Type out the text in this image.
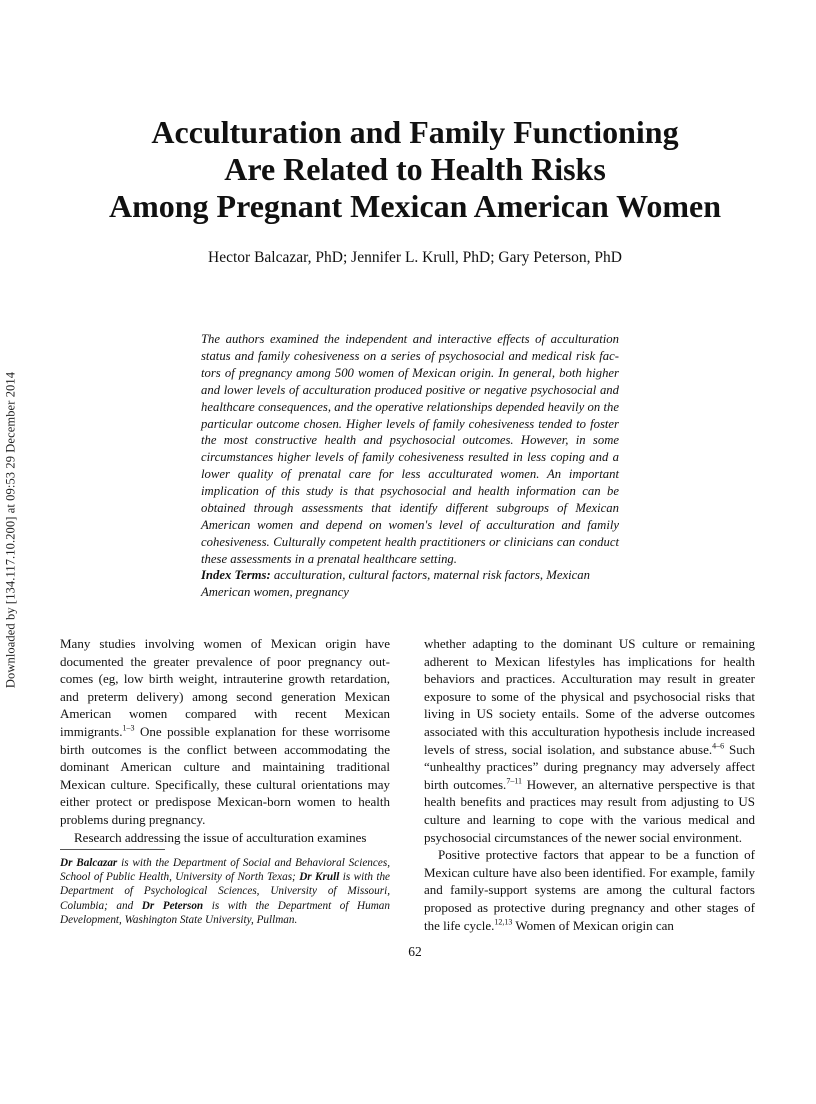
Downloaded by [134.117.10.200] at 09:53 29 December 2014
Acculturation and Family Functioning
Are Related to Health Risks
Among Pregnant Mexican American Women
Hector Balcazar, PhD; Jennifer L. Krull, PhD; Gary Peterson, PhD

The authors examined the independent and interactive effects of acculturation status and family cohesiveness on a series of psychosocial and medical risk factors of pregnancy among 500 women of Mexican origin. In general, both higher and lower levels of acculturation produced positive or negative psychosocial and healthcare consequences, and the operative relationships depended heavily on the particular outcome chosen. Higher levels of family cohesiveness tended to foster the most constructive health and psychosocial outcomes. However, in some circumstances higher levels of family cohesiveness resulted in less coping and a lower quality of prenatal care for less acculturated women. An important implication of this study is that psychosocial and health information can be obtained through assessments that identify different subgroups of Mexican American women and depend on women's level of acculturation and family cohesiveness. Culturally competent health practitioners or clinicians can conduct these assessments in a prenatal healthcare setting.

Index Terms: acculturation, cultural factors, maternal risk factors, Mexican American women, pregnancy

Many studies involving women of Mexican origin have documented the greater prevalence of poor pregnancy outcomes (eg, low birth weight, intrauterine growth retardation, and preterm delivery) among second generation Mexican American women compared with recent Mexican immigrants.$^{1-3}$ One possible explanation for these worrisome birth outcomes is the conflict between accommodating the dominant American culture and maintaining traditional Mexican culture. Specifically, these cultural orientations may either protect or predispose Mexican-born women to health problems during pregnancy.

Research addressing the issue of acculturation examines

Dr Balcazar is with the Department of Social and Behavioral Sciences, School of Public Health, University of North Texas; Dr Krull is with the Department of Psychological Sciences, University of Missouri, Columbia; and Dr Peterson is with the Department of Human Development, Washington State University, Pullman.

whether adapting to the dominant US culture or remaining adherent to Mexican lifestyles has implications for health behaviors and practices. Acculturation may result in greater exposure to some of the physical and psychosocial risks that living in US society entails. Some of the adverse outcomes associated with this acculturation hypothesis include increased levels of stress, social isolation, and substance abuse.$^{4-6}$ Such “unhealthy practices” during pregnancy may adversely affect birth outcomes.$^{7-11}$ However, an alternative perspective is that health benefits and practices may result from adjusting to US culture and learning to cope with the various medical and psychosocial circumstances of the newer social environment.

Positive protective factors that appear to be a function of Mexican culture have also been identified. For example, family and family-support systems are among the cultural factors proposed as protective during pregnancy and other stages of the life cycle.$^{12,13}$ Women of Mexican origin can

62
